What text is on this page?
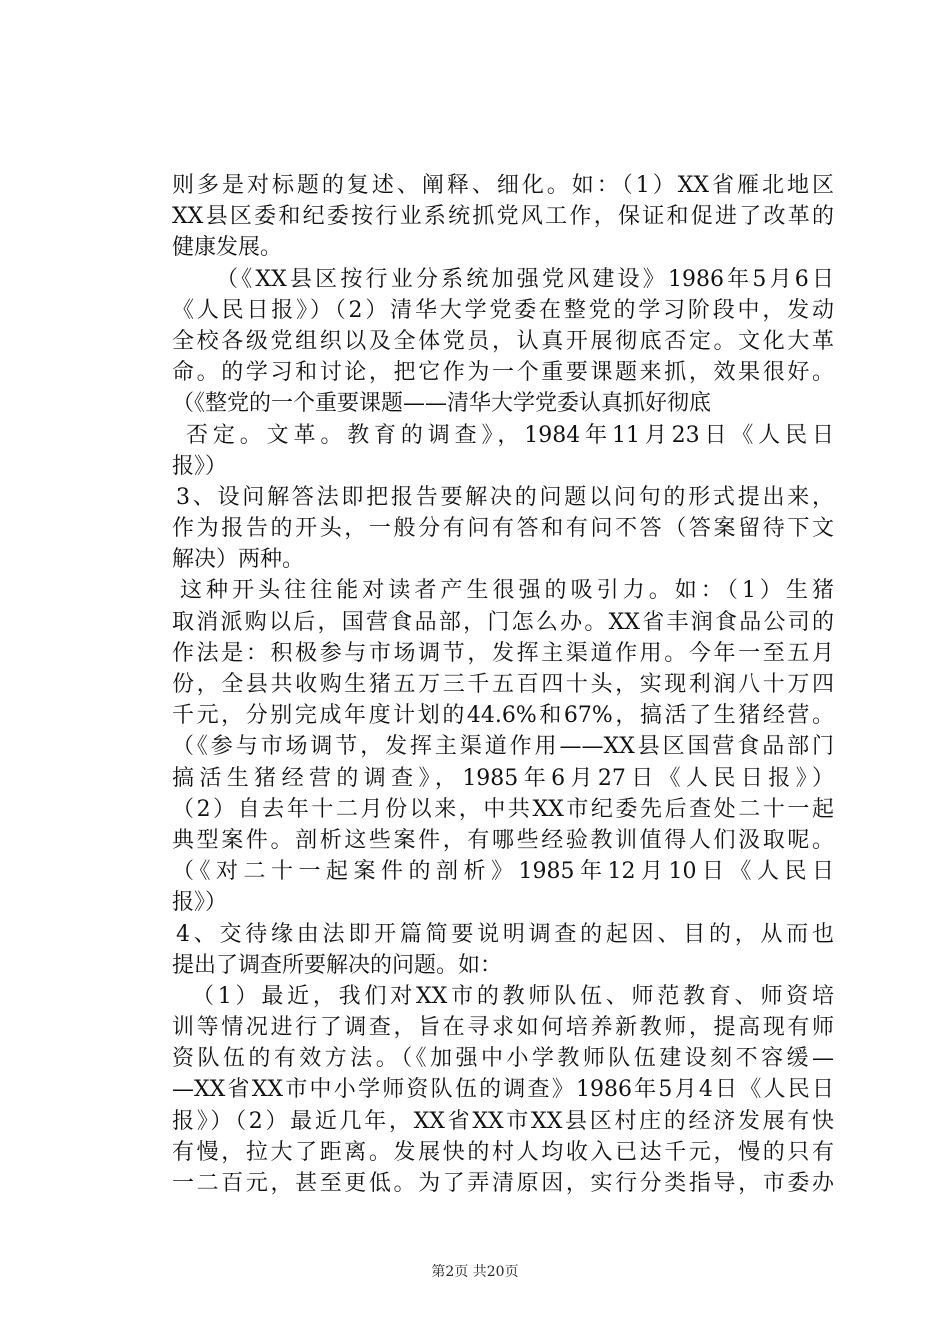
则多是对标题的复述、阐释、细化。如：（1）XX省雁北地区
XX县区委和纪委按行业系统抓党风工作，保证和促进了改革的
健康发展。
（《XX县区按行业分系统加强党风建设》1986年5月6日
《人民日报》）（2）清华大学党委在整党的学习阶段中，发动
全校各级党组织以及全体党员，认真开展彻底否定。文化大革
命。的学习和讨论，把它作为一个重要课题来抓，效果很好。
（《整党的一个重要课题——清华大学党委认真抓好彻底
否定。文革。教育的调查》，1984年11月23日《人民日
报》）
3、设问解答法即把报告要解决的问题以问句的形式提出来，
作为报告的开头，一般分有问有答和有问不答（答案留待下文
解决）两种。
这种开头往往能对读者产生很强的吸引力。如：（1）生猪
取消派购以后，国营食品部，门怎么办。XX省丰润食品公司的
作法是：积极参与市场调节，发挥主渠道作用。今年一至五月
份，全县共收购生猪五万三千五百四十头，实现利润八十万四
千元，分别完成年度计划的44.6%和67%，搞活了生猪经营。
（《参与市场调节，发挥主渠道作用——XX县区国营食品部门
搞活生猪经营的调查》，1985年6月27日《人民日报》）
（2）自去年十二月份以来，中共XX市纪委先后查处二十一起
典型案件。剖析这些案件，有哪些经验教训值得人们汲取呢。
（《对二十一起案件的剖析》1985年12月10日《人民日
报》）
4、交待缘由法即开篇简要说明调查的起因、目的，从而也
提出了调查所要解决的问题。如：
（1）最近，我们对XX市的教师队伍、师范教育、师资培
训等情况进行了调查，旨在寻求如何培养新教师，提高现有师
资队伍的有效方法。（《加强中小学教师队伍建设刻不容缓—
—XX省XX市中小学师资队伍的调查》1986年5月4日《人民日
报》）（2）最近几年，XX省XX市XX县区村庄的经济发展有快
有慢，拉大了距离。发展快的村人均收入已达千元，慢的只有
一二百元，甚至更低。为了弄清原因，实行分类指导，市委办
第2页 共20页
